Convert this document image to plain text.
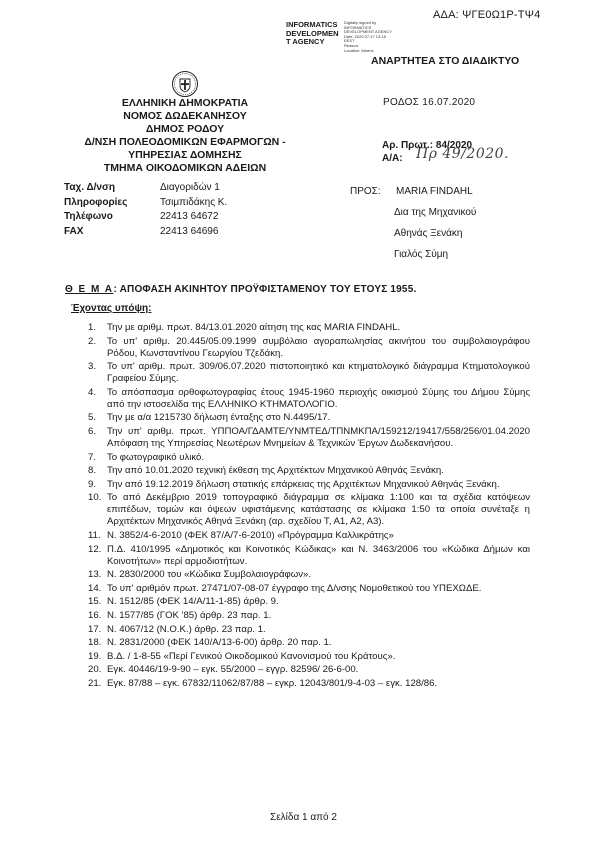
ΑΔΑ: ΨΓΕ0Ω1Ρ-ΤΨ4
INFORMATICS
DEVELOPMEN
T AGENCY
Digitally signed by
INFORMATICS
DEVELOPMENT AGENCY
Date: 2020.07.17 13:18
EEST
Reason:
Location: Athens
ΑΝΑΡΤΗΤΕΑ ΣΤΟ ΔΙΑΔΙΚΤΥΟ
ΕΛΛΗΝΙΚΗ ΔΗΜΟΚΡΑΤΙΑ
ΝΟΜΟΣ ΔΩΔΕΚΑΝΗΣΟΥ
ΔΗΜΟΣ ΡΟΔΟΥ
Δ/ΝΣΗ ΠΟΛΕΟΔΟΜΙΚΩΝ ΕΦΑΡΜΟΓΩΝ -
ΥΠΗΡΕΣΙΑΣ ΔΟΜΗΣΗΣ
ΤΜΗΜΑ ΟΙΚΟΔΟΜΙΚΩΝ ΑΔΕΙΩΝ
ΡΟΔΟΣ 16.07.2020
Αρ. Πρωτ.: 84/2020
Α/Α: Πρ 49/2020.
Ταχ. Δ/νση	Διαγοριδών 1
Πληροφορίες	Τσιμπιδάκης Κ.
Τηλέφωνο	22413 64672
FAX	22413 64696
ΠΡΟΣ:	MARIA FINDAHL
Δια της Μηχανικού
Αθηνάς Ξενάκη
Γιαλός Σύμη
Θ Ε Μ Α: ΑΠΟΦΑΣΗ ΑΚΙΝΗΤΟΥ ΠΡΟΫΦΙΣΤΑΜΕΝΟΥ ΤΟΥ ΕΤΟΥΣ 1955.
Έχοντας υπόψη:
1. Την με αριθμ. πρωτ. 84/13.01.2020 αίτηση της κας MARIA FINDAHL.
2. Το υπ' αριθμ. 20.445/05.09.1999 συμβόλαιο αγοραπωλησίας ακινήτου του συμβολαιογράφου Ρόδου, Κωνσταντίνου Γεωργίου Τζεδάκη.
3. Το υπ' αριθμ. πρωτ. 309/06.07.2020 πιστοποιητικό και κτηματολογικό διάγραμμα Κτηματολογικού Γραφείου Σύμης.
4. Το απόσπασμα ορθοφωτογραφίας έτους 1945-1960 περιοχής οικισμού Σύμης του Δήμου Σύμης από την ιστοσελίδα της ΕΛΛΗΝΙΚΟ ΚΤΗΜΑΤΟΛΟΓΙΟ.
5. Την με α/α 1215730 δήλωση ένταξης στο Ν.4495/17.
6. Την υπ' αριθμ. πρωτ. ΥΠΠΟΑ/ΓΔΑΜΤΕ/ΥΝΜΤΕΔ/ΤΠΝΜΚΠΑ/159212/19417/558/256/01.04.2020 Απόφαση της Υπηρεσίας Νεωτέρων Μνημείων & Τεχνικών Έργων Δωδεκανήσου.
7. Το φωτογραφικό υλικό.
8. Την από 10.01.2020 τεχνική έκθεση της Αρχιτέκτων Μηχανικού Αθηνάς Ξενάκη.
9. Την από 19.12.2019 δήλωση στατικής επάρκειας της Αρχιτέκτων Μηχανικού Αθηνάς Ξενάκη.
10. Το από Δεκέμβριο 2019 τοπογραφικό διάγραμμα σε κλίμακα 1:100 και τα σχέδια κατόψεων επιπέδων, τομών και όψεων υφιστάμενης κατάστασης σε κλίμακα 1:50 τα οποία συνέταξε η Αρχιτέκτων Μηχανικός Αθηνά Ξενάκη (αρ. σχεδίου Τ, Α1, Α2, Α3).
11. Ν. 3852/4-6-2010 (ΦΕΚ 87/Α/7-6-2010) «Πρόγραμμα Καλλικράτης»
12. Π.Δ. 410/1995 «Δημοτικός και Κοινοτικός Κώδικας» και Ν. 3463/2006 του «Κώδικα Δήμων και Κοινοτήτων» περί αρμοδιοτήτων.
13. Ν. 2830/2000 του «Κώδικα Συμβολαιογράφων».
14. Το υπ' αριθμόν πρωτ. 27471/07-08-07 έγγραφο της Δ/νσης Νομοθετικού του ΥΠΕΧΩΔΕ.
15. Ν. 1512/85 (ΦΕΚ 14/Α/11-1-85) άρθρ. 9.
16. Ν. 1577/85 (ΓΟΚ '85) άρθρ. 23 παρ. 1.
17. Ν. 4067/12 (Ν.Ο.Κ.) άρθρ. 23 παρ. 1.
18. Ν. 2831/2000 (ΦΕΚ 140/Α/13-6-00) άρθρ. 20 παρ. 1.
19. Β.Δ. / 1-8-55 «Περί Γενικού Οικοδομικού Κανονισμού του Κράτους».
20. Εγκ. 40446/19-9-90 – εγκ. 55/2000 – εγγρ. 82596/ 26-6-00.
21. Εγκ. 87/88 – εγκ. 67832/11062/87/88 – εγκρ. 12043/801/9-4-03 – εγκ. 128/86.
Σελίδα 1 από 2
